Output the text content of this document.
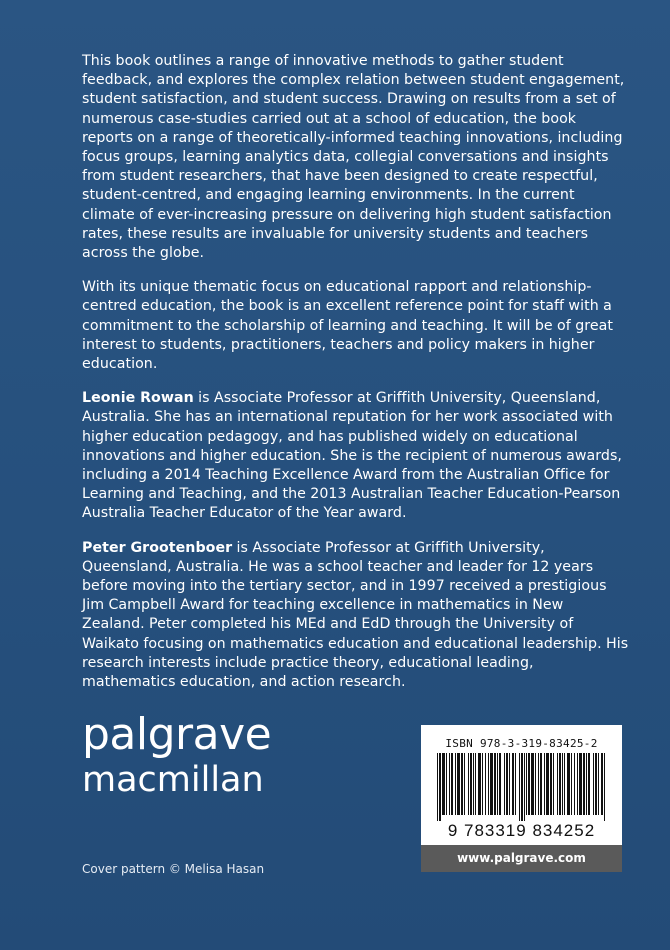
This book outlines a range of innovative methods to gather student feedback, and explores the complex relation between student engagement, student satisfaction, and student success. Drawing on results from a set of numerous case-studies carried out at a school of education, the book reports on a range of theoretically-informed teaching innovations, including focus groups, learning analytics data, collegial conversations and insights from student researchers, that have been designed to create respectful, student-centred, and engaging learning environments. In the current climate of ever-increasing pressure on delivering high student satisfaction rates, these results are invaluable for university students and teachers across the globe.

With its unique thematic focus on educational rapport and relationship-centred education, the book is an excellent reference point for staff with a commitment to the scholarship of learning and teaching. It will be of great interest to students, practitioners, teachers and policy makers in higher education.

Leonie Rowan is Associate Professor at Griffith University, Queensland, Australia. She has an international reputation for her work associated with higher education pedagogy, and has published widely on educational innovations and higher education. She is the recipient of numerous awards, including a 2014 Teaching Excellence Award from the Australian Office for Learning and Teaching, and the 2013 Australian Teacher Education-Pearson Australia Teacher Educator of the Year award.

Peter Grootenboer is Associate Professor at Griffith University, Queensland, Australia. He was a school teacher and leader for 12 years before moving into the tertiary sector, and in 1997 received a prestigious Jim Campbell Award for teaching excellence in mathematics in New Zealand. Peter completed his MEd and EdD through the University of Waikato focusing on mathematics education and educational leadership. His research interests include practice theory, educational leading, mathematics education, and action research.

palgrave
macmillan
Cover pattern © Melisa Hasan
ISBN 978-3-319-83425-2
9 783319 834252
www.palgrave.com
